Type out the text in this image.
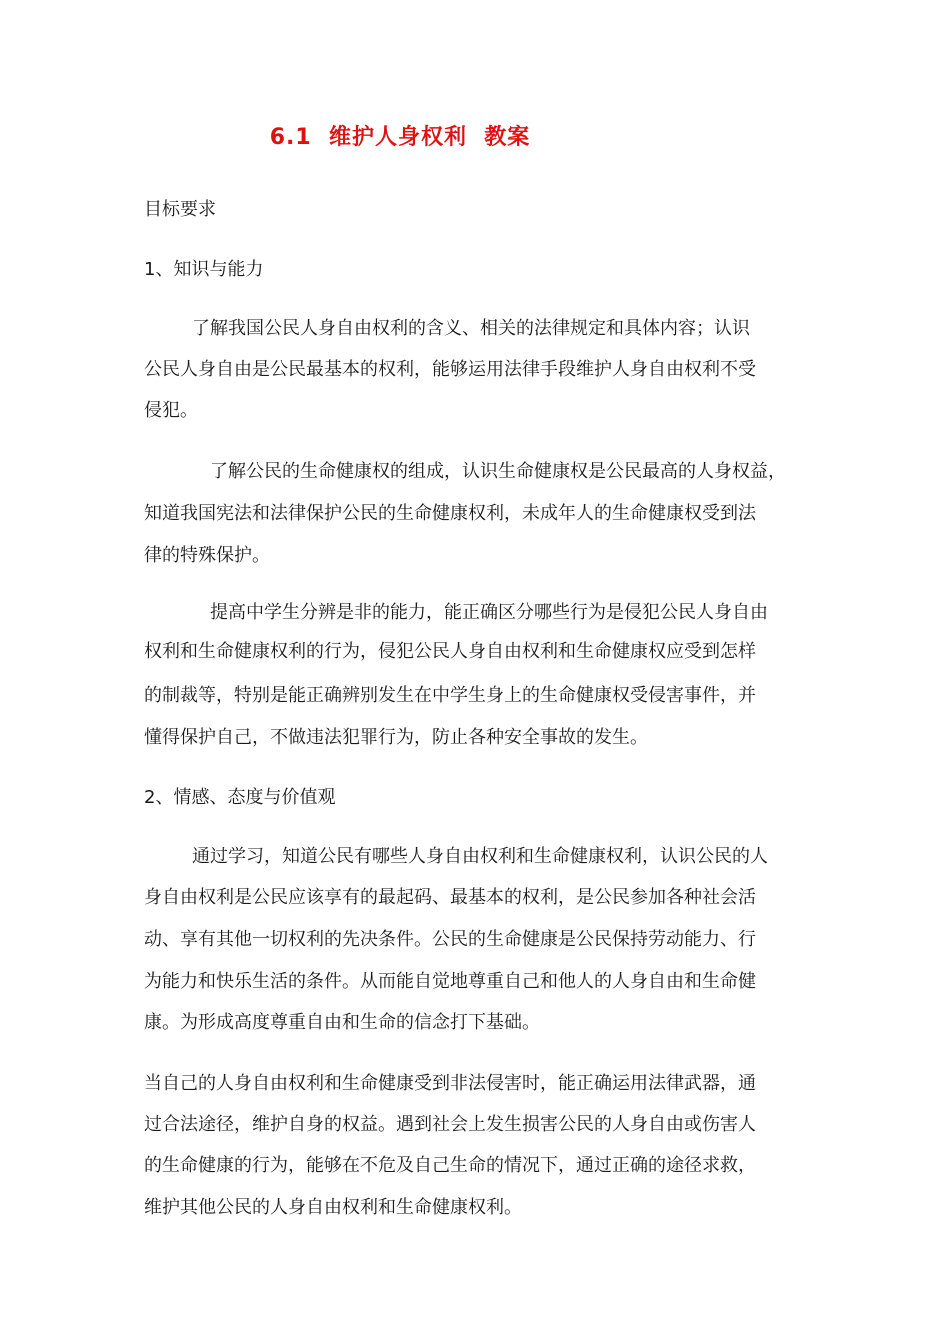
6.1  维护人身权利  教案
目标要求
1、知识与能力
了解我国公民人身自由权利的含义、相关的法律规定和具体内容；认识
公民人身自由是公民最基本的权利，能够运用法律手段维护人身自由权利不受
侵犯。
了解公民的生命健康权的组成，认识生命健康权是公民最高的人身权益，
知道我国宪法和法律保护公民的生命健康权利，未成年人的生命健康权受到法
律的特殊保护。
提高中学生分辨是非的能力，能正确区分哪些行为是侵犯公民人身自由
权利和生命健康权利的行为，侵犯公民人身自由权利和生命健康权应受到怎样
的制裁等，特别是能正确辨别发生在中学生身上的生命健康权受侵害事件，并
懂得保护自己，不做违法犯罪行为，防止各种安全事故的发生。
2、情感、态度与价值观
通过学习，知道公民有哪些人身自由权利和生命健康权利，认识公民的人
身自由权利是公民应该享有的最起码、最基本的权利，是公民参加各种社会活
动、享有其他一切权利的先决条件。公民的生命健康是公民保持劳动能力、行
为能力和快乐生活的条件。从而能自觉地尊重自己和他人的人身自由和生命健
康。为形成高度尊重自由和生命的信念打下基础。
当自己的人身自由权利和生命健康受到非法侵害时，能正确运用法律武器，通
过合法途径，维护自身的权益。遇到社会上发生损害公民的人身自由或伤害人
的生命健康的行为，能够在不危及自己生命的情况下，通过正确的途径求救，
维护其他公民的人身自由权利和生命健康权利。
